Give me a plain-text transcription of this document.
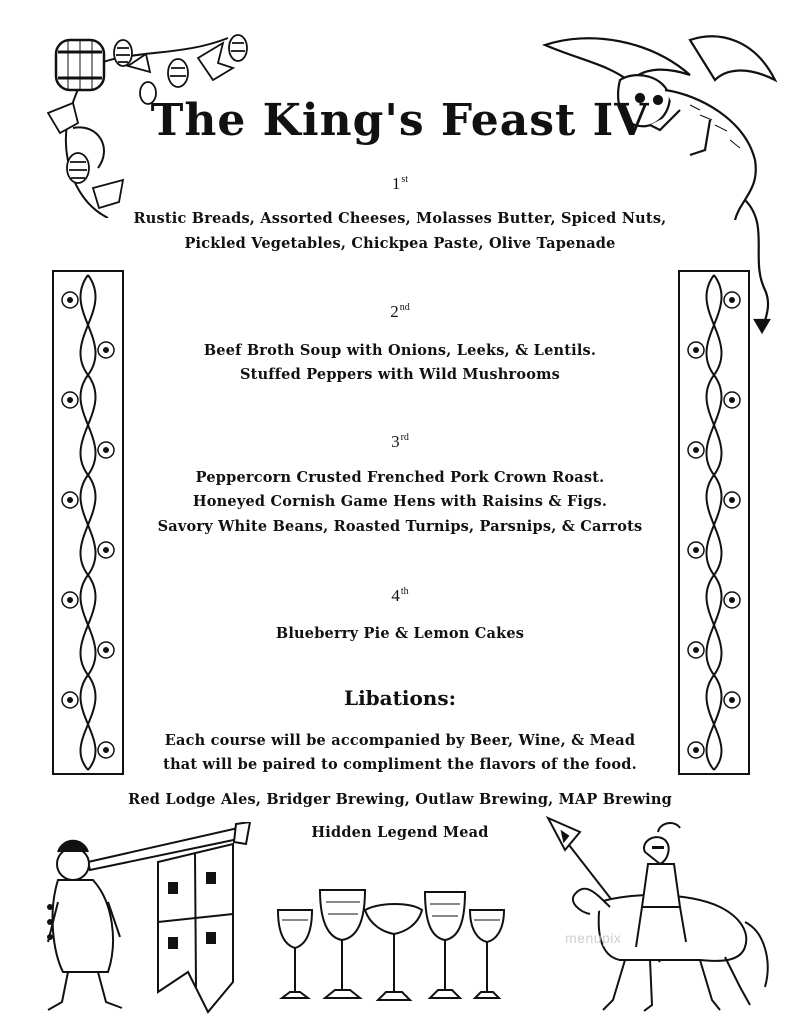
The King's Feast IV
1st
Rustic Breads, Assorted Cheeses, Molasses Butter, Spiced Nuts,
Pickled Vegetables, Chickpea Paste, Olive Tapenade
2nd
Beef Broth Soup with Onions, Leeks, & Lentils.
Stuffed Peppers with Wild Mushrooms
3rd
Peppercorn Crusted Frenched Pork Crown Roast.
Honeyed Cornish Game Hens with Raisins & Figs.
Savory White Beans, Roasted Turnips, Parsnips, & Carrots
4th
Blueberry Pie & Lemon Cakes
Libations:
Each course will be accompanied by Beer, Wine, & Mead
that will be paired to compliment the flavors of the food.
Red Lodge Ales, Bridger Brewing, Outlaw Brewing, MAP Brewing
Hidden Legend Mead
menupix
